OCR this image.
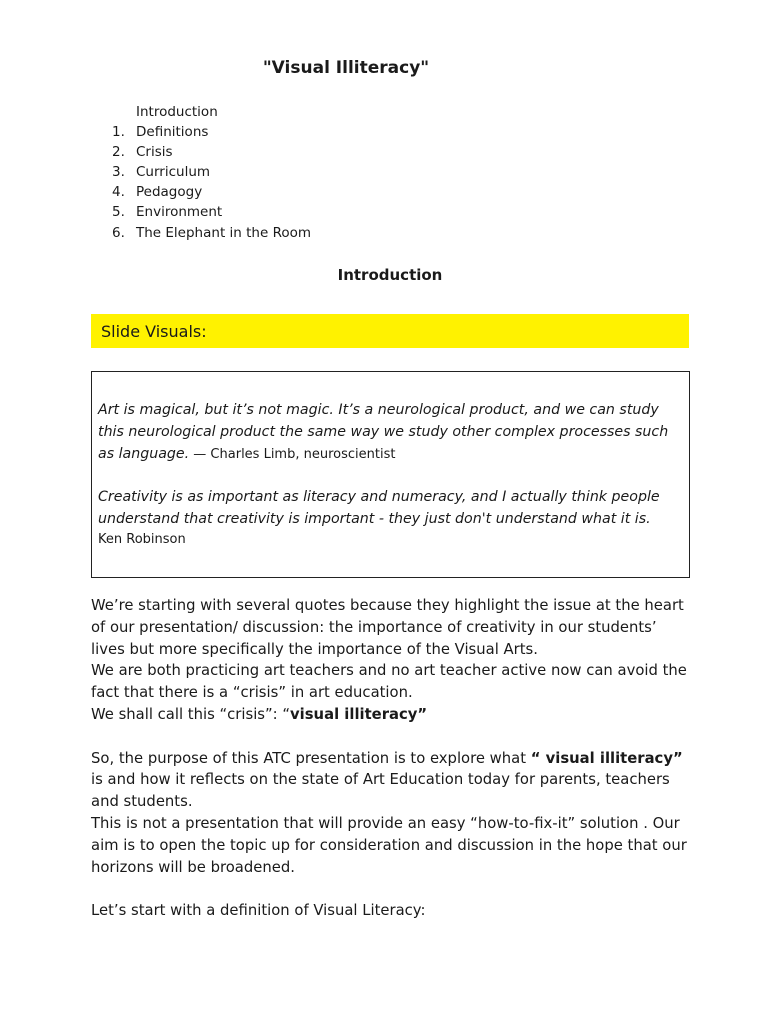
"Visual Illiteracy"
Introduction
1. Definitions
2. Crisis
3. Curriculum
4. Pedagogy
5. Environment
6. The Elephant in the Room
Introduction
Slide Visuals:
Art is magical, but it’s not magic. It’s a neurological product, and we can study this neurological product the same way we study other complex processes such as language. — Charles Limb, neuroscientist
Creativity is as important as literacy and numeracy, and I actually think people understand that creativity is important - they just don't understand what it is.
Ken Robinson

We’re starting with several quotes because they highlight the issue at the heart of our presentation/ discussion: the importance of creativity in our students’ lives but more specifically the importance of the Visual Arts.

We are both practicing art teachers and no art teacher active now can avoid the fact that there is a “crisis” in art education.

We shall call this “crisis”: “visual illiteracy”

So, the purpose of this ATC presentation is to explore what “ visual illiteracy” is and how it reflects on the state of Art Education today for parents, teachers and students.

This is not a presentation that will provide an easy “how-to-fix-it” solution . Our aim is to open the topic up for consideration and discussion in the hope that our horizons will be broadened.

Let’s start with a definition of Visual Literacy:
